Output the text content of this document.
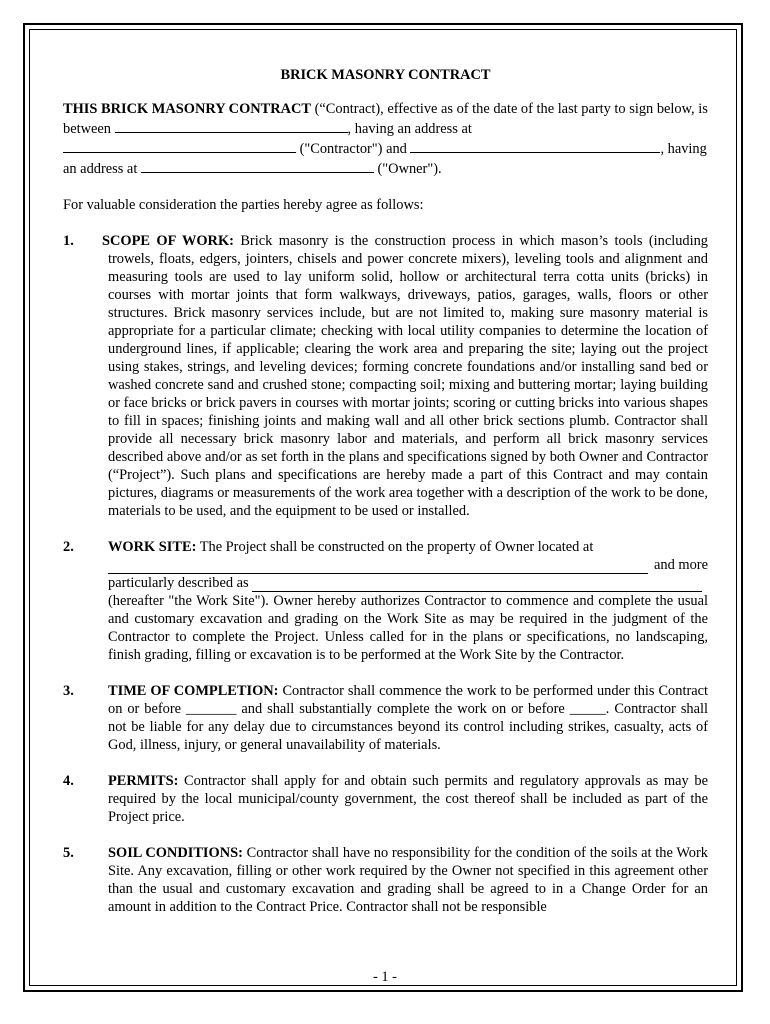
BRICK MASONRY CONTRACT

THIS BRICK MASONRY CONTRACT (“Contract), effective as of the date of the last party to sign below, is between	, having an address at
("Contractor") and	, having an address at	("Owner").

For valuable consideration the parties hereby agree as follows:

1. SCOPE OF WORK: Brick masonry is the construction process in which mason’s tools (including trowels, floats, edgers, jointers, chisels and power concrete mixers), leveling tools and alignment and measuring tools are used to lay uniform solid, hollow or architectural terra cotta units (bricks) in courses with mortar joints that form walkways, driveways, patios, garages, walls, floors or other structures. Brick masonry services include, but are not limited to, making sure masonry material is appropriate for a particular climate; checking with local utility companies to determine the location of underground lines, if applicable; clearing the work area and preparing the site; laying out the project using stakes, strings, and leveling devices; forming concrete foundations and/or installing sand bed or washed concrete sand and crushed stone; compacting soil; mixing and buttering mortar; laying building or face bricks or brick pavers in courses with mortar joints; scoring or cutting bricks into various shapes to fill in spaces; finishing joints and making wall and all other brick sections plumb. Contractor shall provide all necessary brick masonry labor and materials, and perform all brick masonry services described above and/or as set forth in the plans and specifications signed by both Owner and Contractor (“Project”). Such plans and specifications are hereby made a part of this Contract and may contain pictures, diagrams or measurements of the work area together with a description of the work to be done, materials to be used, and the equipment to be used or installed.
2. WORK SITE: The Project shall be constructed on the property of Owner located at
and more
particularly described as
(hereafter "the Work Site"). Owner hereby authorizes Contractor to commence and complete the usual and customary excavation and grading on the Work Site as may be required in the judgment of the Contractor to complete the Project. Unless called for in the plans or specifications, no landscaping, finish grading, filling or excavation is to be performed at the Work Site by the Contractor.
3. TIME OF COMPLETION: Contractor shall commence the work to be performed under this Contract on or before _______ and shall substantially complete the work on or before _____. Contractor shall not be liable for any delay due to circumstances beyond its control including strikes, casualty, acts of God, illness, injury, or general unavailability of materials.
4. PERMITS: Contractor shall apply for and obtain such permits and regulatory approvals as may be required by the local municipal/county government, the cost thereof shall be included as part of the Project price.
5. SOIL CONDITIONS: Contractor shall have no responsibility for the condition of the soils at the Work Site. Any excavation, filling or other work required by the Owner not specified in this agreement other than the usual and customary excavation and grading shall be agreed to in a Change Order for an amount in addition to the Contract Price. Contractor shall not be responsible
- 1 -
